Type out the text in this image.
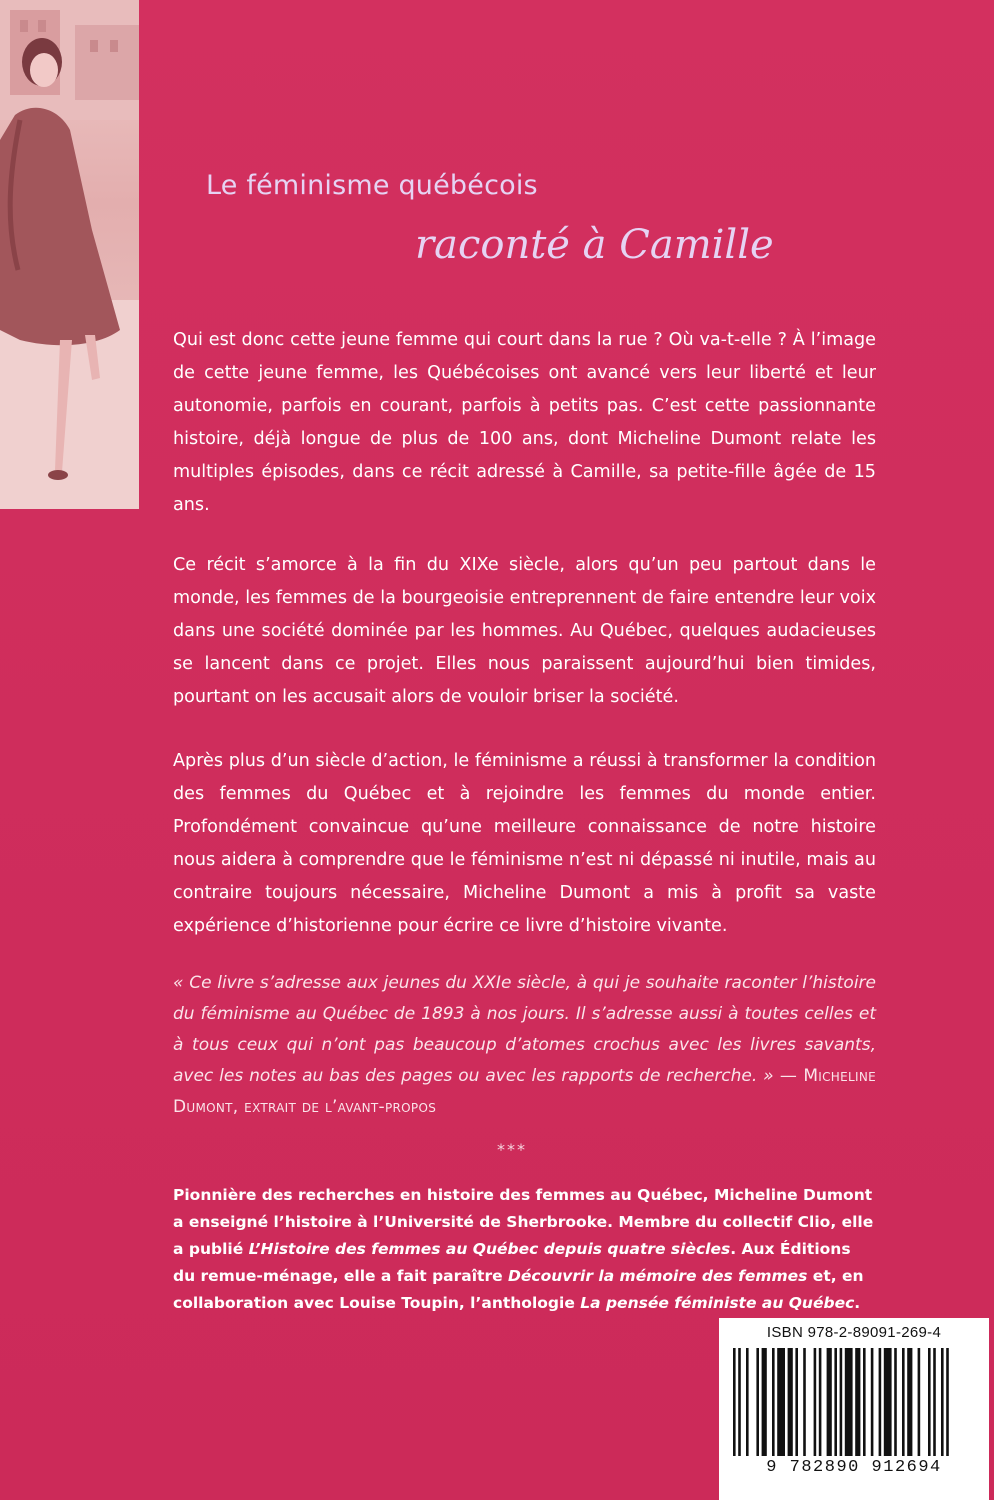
Le féminisme québécois
raconté à Camille
Qui est donc cette jeune femme qui court dans la rue ? Où va-t-elle ? À l’image de cette jeune femme, les Québécoises ont avancé vers leur liberté et leur autonomie, parfois en courant, parfois à petits pas. C’est cette passionnante histoire, déjà longue de plus de 100 ans, dont Micheline Dumont relate les multiples épisodes, dans ce récit adressé à Camille, sa petite-fille âgée de 15 ans.
Ce récit s’amorce à la fin du XIXe siècle, alors qu’un peu partout dans le monde, les femmes de la bourgeoisie entreprennent de faire entendre leur voix dans une société dominée par les hommes. Au Québec, quelques audacieuses se lancent dans ce projet. Elles nous paraissent aujourd’hui bien timides, pourtant on les accusait alors de vouloir briser la société.
Après plus d’un siècle d’action, le féminisme a réussi à transformer la condition des femmes du Québec et à rejoindre les femmes du monde entier. Profondément convaincue qu’une meilleure connaissance de notre histoire nous aidera à comprendre que le féminisme n’est ni dépassé ni inutile, mais au contraire toujours nécessaire, Micheline Dumont a mis à profit sa vaste expérience d’historienne pour écrire ce livre d’histoire vivante.
« Ce livre s’adresse aux jeunes du XXIe siècle, à qui je souhaite raconter l’histoire du féminisme au Québec de 1893 à nos jours. Il s’adresse aussi à toutes celles et à tous ceux qui n’ont pas beaucoup d’atomes crochus avec les livres savants, avec les notes au bas des pages ou avec les rapports de recherche. » — Micheline Dumont, extrait de l’avant-propos
***
Pionnière des recherches en histoire des femmes au Québec, Micheline Dumont a enseigné l’histoire à l’Université de Sherbrooke. Membre du collectif Clio, elle a publié L’Histoire des femmes au Québec depuis quatre siècles. Aux Éditions du remue-ménage, elle a fait paraître Découvrir la mémoire des femmes et, en collaboration avec Louise Toupin, l’anthologie La pensée féministe au Québec.
ISBN 978-2-89091-269-4
9 782890 912694
